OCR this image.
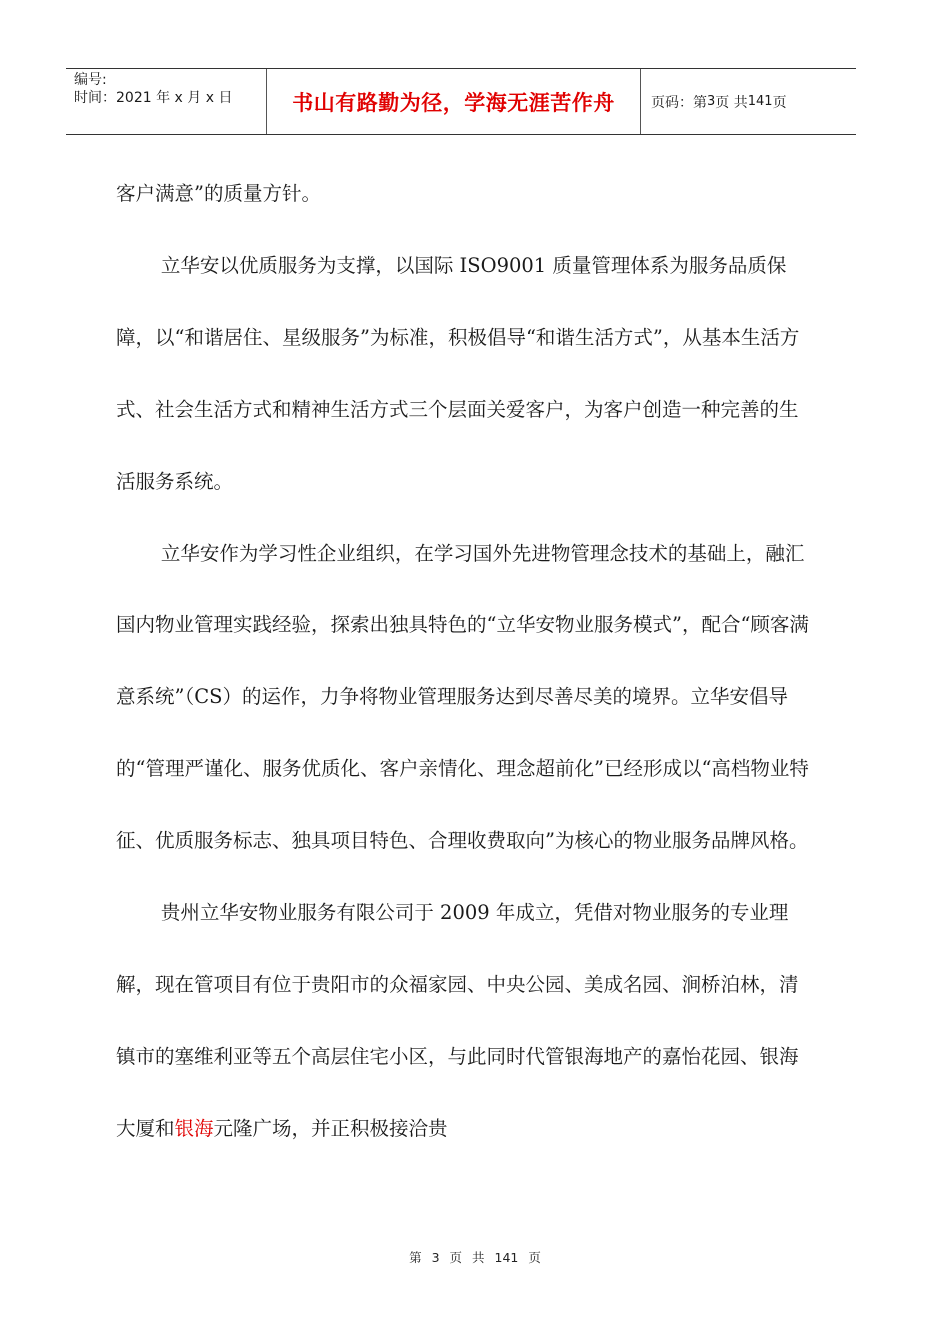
编号:
时间：2021 年 x 月 x 日	书山有路勤为径，学海无涯苦作舟	页码：第 3 页 共 141 页

客户满意”的质量方针。

立华安以优质服务为支撑，以国际 ISO9001 质量管理体系为服务品质保障，以“和谐居住、星级服务”为标准，积极倡导“和谐生活方式”，从基本生活方式、社会生活方式和精神生活方式三个层面关爱客户，为客户创造一种完善的生活服务系统。

立华安作为学习性企业组织，在学习国外先进物管理念技术的基础上，融汇国内物业管理实践经验，探索出独具特色的“立华安物业服务模式”，配合“顾客满意系统”（CS）的运作，力争将物业管理服务达到尽善尽美的境界。立华安倡导的“管理严谨化、服务优质化、客户亲情化、理念超前化”已经形成以“高档物业特征、优质服务标志、独具项目特色、合理收费取向”为核心的物业服务品牌风格。

贵州立华安物业服务有限公司于 2009 年成立，凭借对物业服务的专业理解，现在管项目有位于贵阳市的众福家园、中央公园、美成名园、涧桥泊林，清镇市的塞维利亚等五个高层住宅小区，与此同时代管银海地产的嘉怡花园、银海大厦和银海元隆广场，并正积极接洽贵

第 3 页 共 141 页
